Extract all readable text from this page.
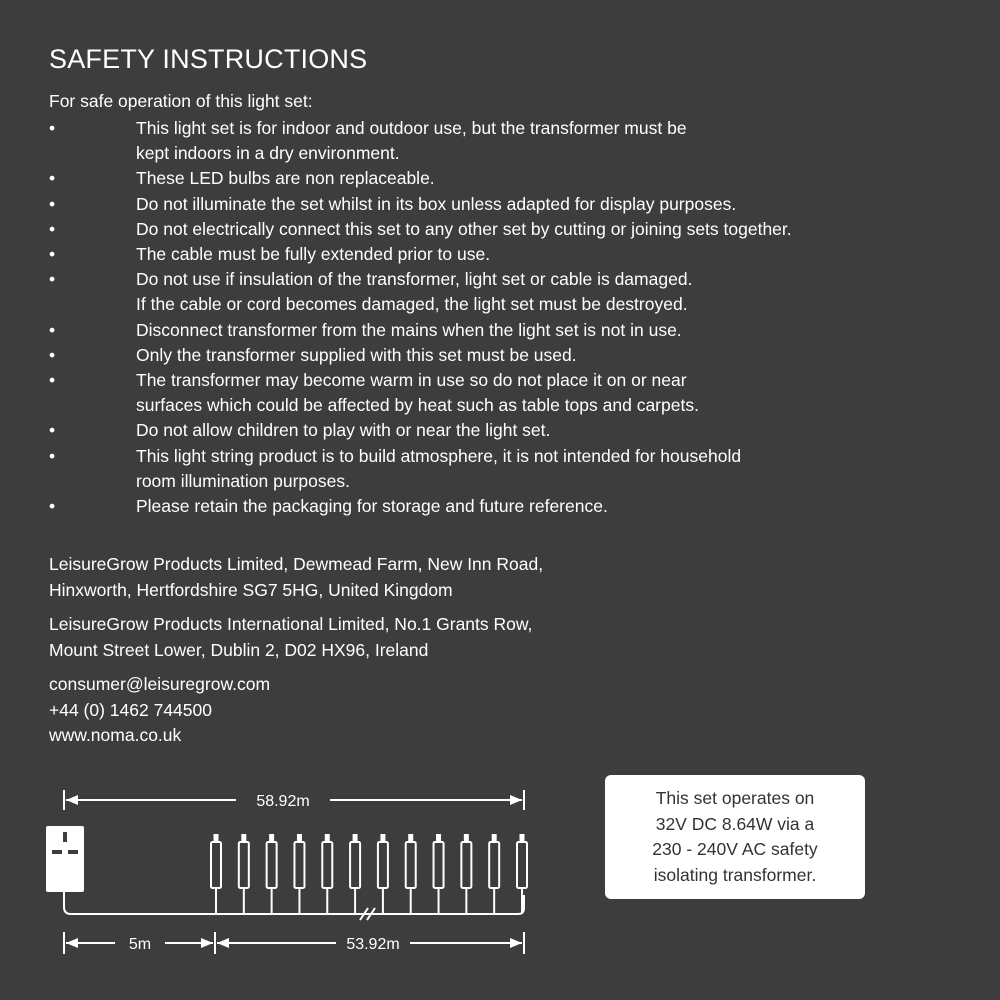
SAFETY INSTRUCTIONS
For safe operation of this light set:
•	This light set is for indoor and outdoor use, but the transformer must be
kept indoors in a dry environment.
•	These LED bulbs are non replaceable.
•	Do not illuminate the set whilst in its box unless adapted for display purposes.
•	Do not electrically connect this set to any other set by cutting or joining sets together.
•	The cable must be fully extended prior to use.
•	Do not use if insulation of the transformer, light set or cable is damaged.
If the cable or cord becomes damaged, the light set must be destroyed.
•	Disconnect transformer from the mains when the light set is not in use.
•	Only the transformer supplied with this set must be used.
•	The transformer may become warm in use so do not place it on or near
surfaces which could be affected by heat such as table tops and carpets.
•	Do not allow children to play with or near the light set.
•	This light string product is to build atmosphere, it is not intended for household
room illumination purposes.
•	Please retain the packaging for storage and future reference.
LeisureGrow Products Limited, Dewmead Farm, New Inn Road,
Hinxworth, Hertfordshire SG7 5HG, United Kingdom
LeisureGrow Products International Limited, No.1 Grants Row,
Mount Street Lower, Dublin 2, D02 HX96, Ireland
consumer@leisuregrow.com
+44 (0) 1462 744500
www.noma.co.uk
58.92m
5m	53.92m
This set operates on
32V DC 8.64W via a
230 - 240V AC safety
isolating transformer.
